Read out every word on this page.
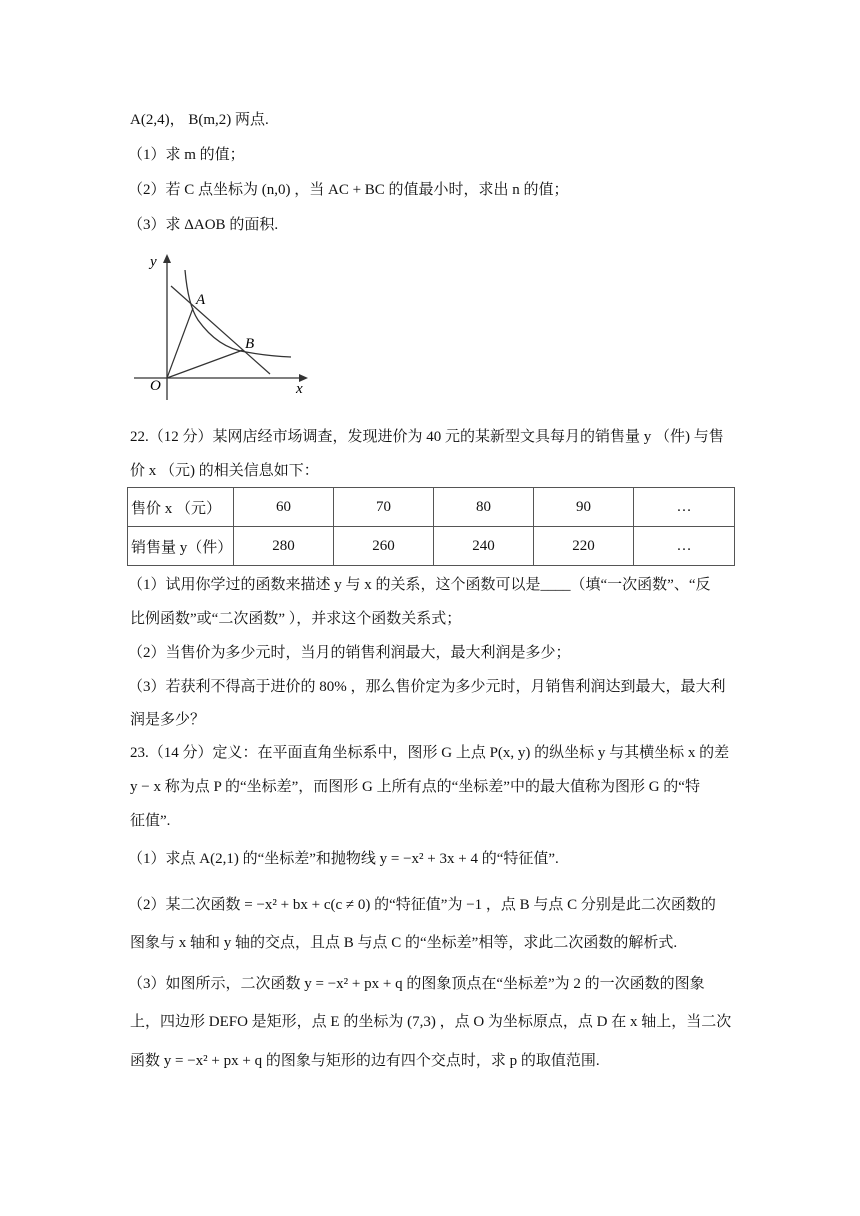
A(2,4)， B(m,2) 两点.
（1）求 m 的值；
（2）若 C 点坐标为 (n,0) ，当 AC + BC 的值最小时，求出 n 的值；
（3）求 ΔAOB 的面积.
y
x
O
A
B
22.（12 分）某网店经市场调查，发现进价为 40 元的某新型文具每月的销售量 y （件) 与售
价 x （元) 的相关信息如下：
售价 x （元）	60	70	80	90	…
销售量 y（件）	280	260	240	220	…
（1）试用你学过的函数来描述 y 与 x 的关系，这个函数可以是____（填“一次函数”、“反
比例函数”或“二次函数” ），并求这个函数关系式；
（2）当售价为多少元时，当月的销售利润最大，最大利润是多少；
（3）若获利不得高于进价的 80% ，那么售价定为多少元时，月销售利润达到最大，最大利
润是多少？
23.（14 分）定义：在平面直角坐标系中，图形 G 上点 P(x, y) 的纵坐标 y 与其横坐标 x 的差
y − x 称为点 P 的“坐标差”，而图形 G 上所有点的“坐标差”中的最大值称为图形 G 的“特
征值”.
（1）求点 A(2,1) 的“坐标差”和抛物线 y = −x² + 3x + 4 的“特征值”.
（2）某二次函数 = −x² + bx + c(c ≠ 0) 的“特征值”为 −1 ，点 B 与点 C 分别是此二次函数的
图象与 x 轴和 y 轴的交点，且点 B 与点 C 的“坐标差”相等，求此二次函数的解析式.
（3）如图所示，二次函数 y = −x² + px + q 的图象顶点在“坐标差”为 2 的一次函数的图象
上，四边形 DEFO 是矩形，点 E 的坐标为 (7,3) ，点 O 为坐标原点，点 D 在 x 轴上，当二次
函数 y = −x² + px + q 的图象与矩形的边有四个交点时，求 p 的取值范围.
